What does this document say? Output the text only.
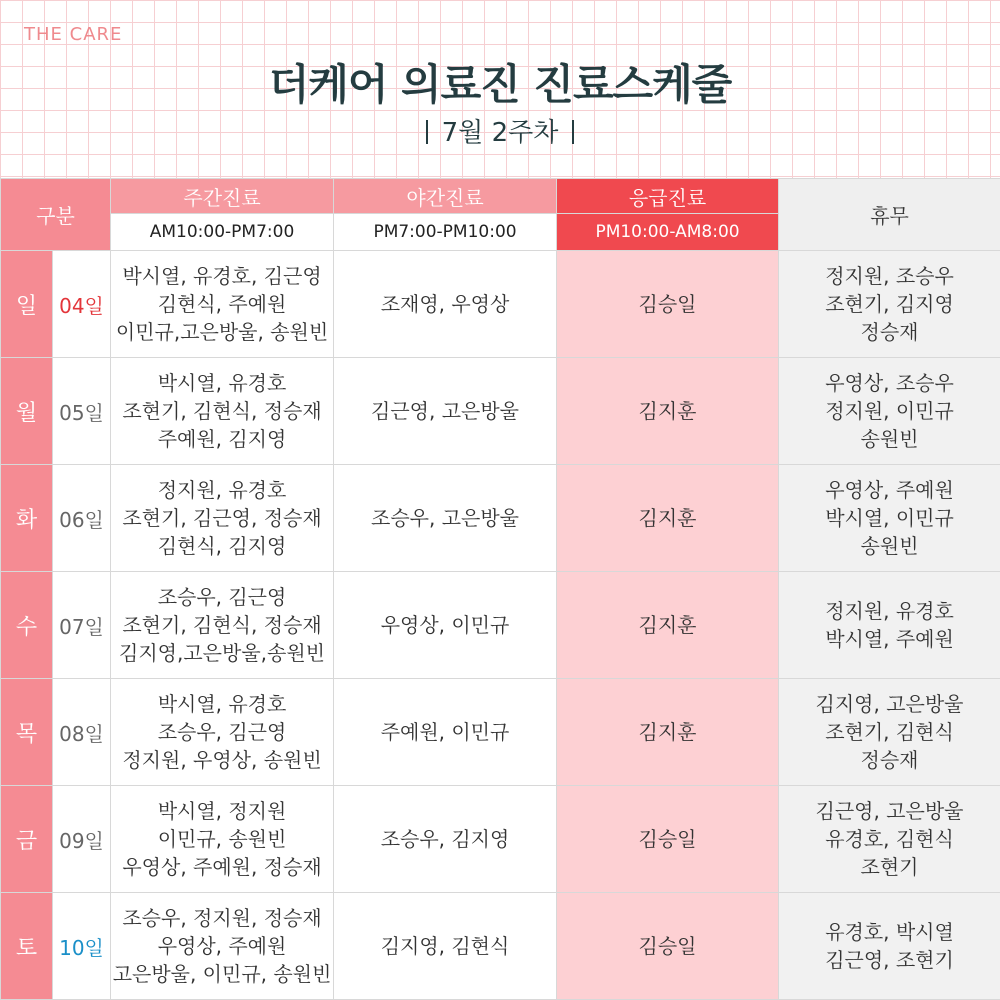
THE CARE
더케어 의료진 진료스케줄
7월 2주차
구분		주간진료	야간진료	응급진료	휴무
		AM10:00-PM7:00	PM7:00-PM10:00	PM10:00-AM8:00	
일	04일	박시열, 유경호, 김근영
김현식, 주예원
이민규,고은방울, 송원빈	조재영, 우영상	김승일	정지원, 조승우
조현기, 김지영
정승재

월	05일	박시열, 유경호
조현기, 김현식, 정승재
주예원, 김지영	김근영, 고은방울	김지훈	우영상, 조승우
정지원, 이민규
송원빈

화	06일	정지원, 유경호
조현기, 김근영, 정승재
김현식, 김지영	조승우, 고은방울	김지훈	우영상, 주예원
박시열, 이민규
송원빈

수	07일	조승우, 김근영
조현기, 김현식, 정승재
김지영,고은방울,송원빈	우영상, 이민규	김지훈	정지원, 유경호
박시열, 주예원

목	08일	박시열, 유경호
조승우, 김근영
정지원, 우영상, 송원빈	주예원, 이민규	김지훈	김지영, 고은방울
조현기, 김현식
정승재

금	09일	박시열, 정지원
이민규, 송원빈
우영상, 주예원, 정승재	조승우, 김지영	김승일	김근영, 고은방울
유경호, 김현식
조현기

토	10일	조승우, 정지원, 정승재
우영상, 주예원
고은방울, 이민규, 송원빈	김지영, 김현식	김승일	유경호, 박시열
김근영, 조현기
